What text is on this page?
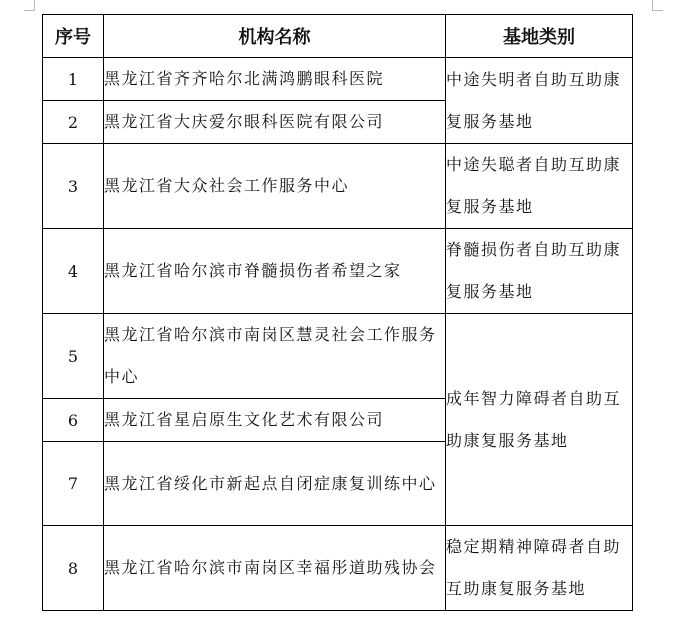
序号	机构名称	基地类别
1	黑龙江省齐齐哈尔北满鸿鹏眼科医院	中途失明者自助互助康复服务基地
2	黑龙江省大庆爱尔眼科医院有限公司	
3	黑龙江省大众社会工作服务中心	中途失聪者自助互助康复服务基地
4	黑龙江省哈尔滨市脊髓损伤者希望之家	脊髓损伤者自助互助康复服务基地
5	黑龙江省哈尔滨市南岗区慧灵社会工作服务中心	成年智力障碍者自助互助康复服务基地
6	黑龙江省星启原生文化艺术有限公司	
7	黑龙江省绥化市新起点自闭症康复训练中心	
8	黑龙江省哈尔滨市南岗区幸福彤道助残协会	稳定期精神障碍者自助互助康复服务基地
